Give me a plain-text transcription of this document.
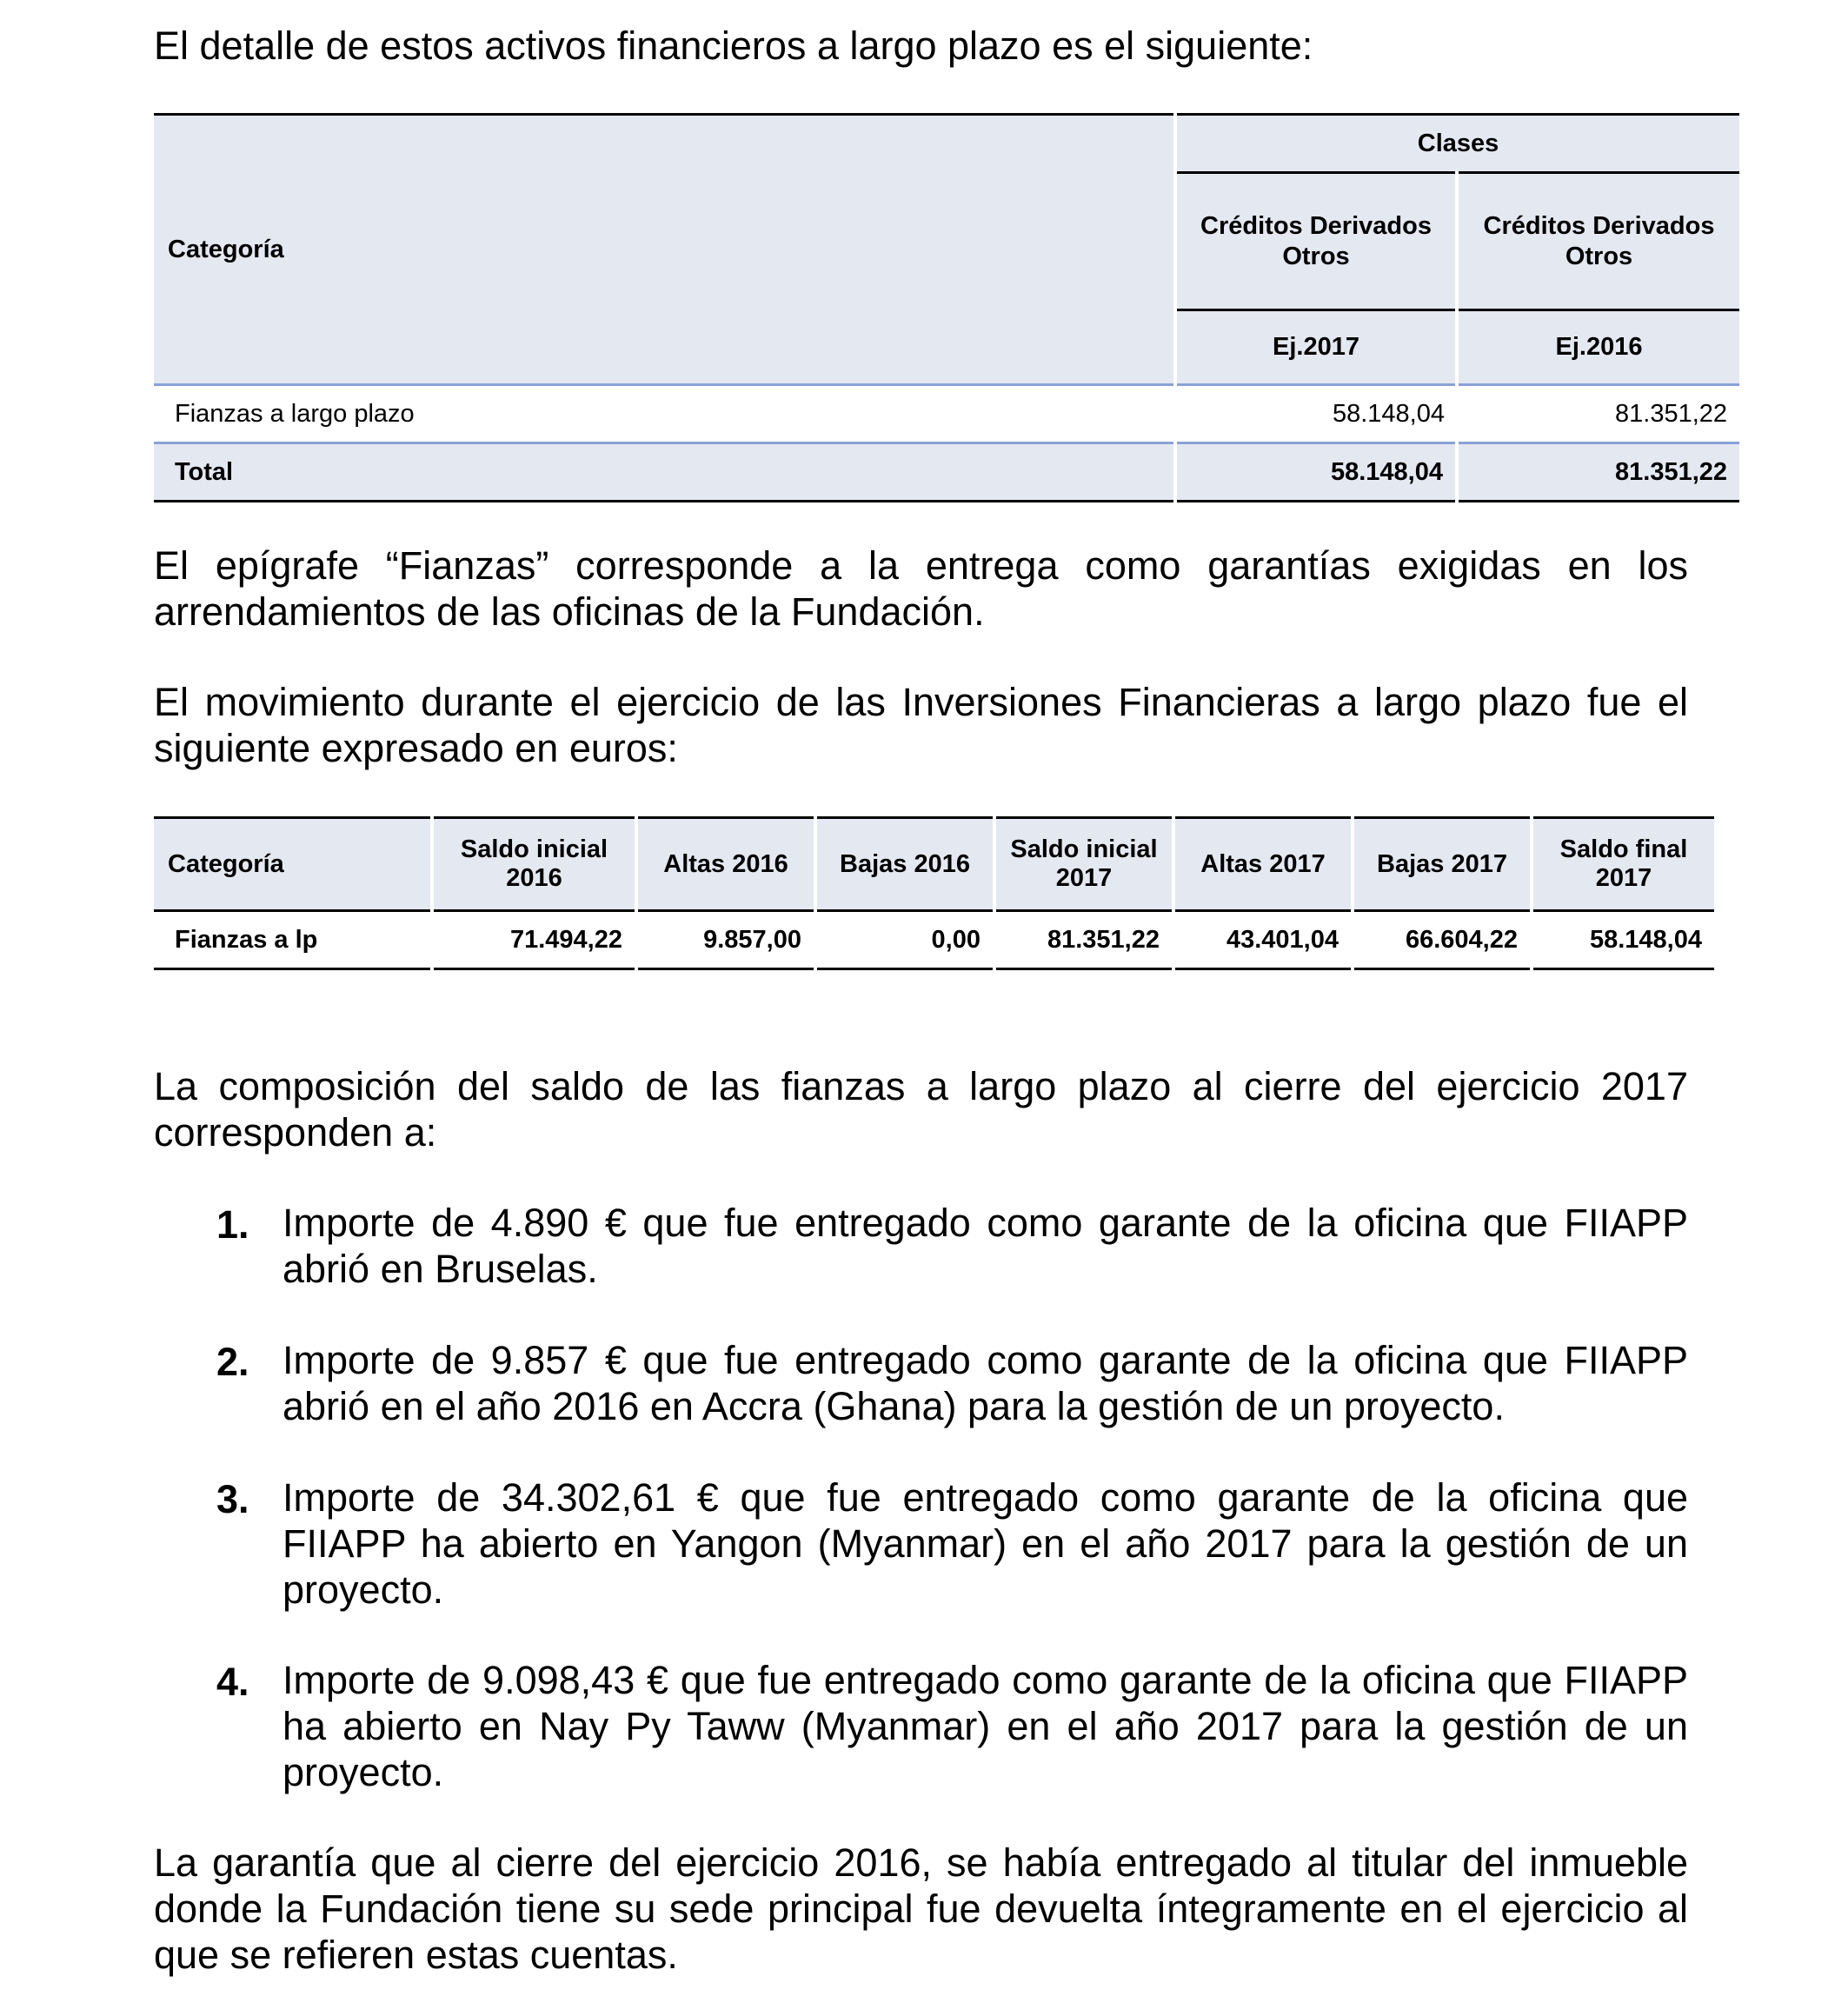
El detalle de estos activos financieros a largo plazo es el siguiente:

Categoría	Clases	
	Créditos Derivados Otros	Créditos Derivados Otros
	Ej.2017	Ej.2016
Fianzas a largo plazo	58.148,04	81.351,22
Total	58.148,04	81.351,22

El epígrafe “Fianzas” corresponde a la entrega como garantías exigidas en los arrendamientos de las oficinas de la Fundación.

El movimiento durante el ejercicio de las Inversiones Financieras a largo plazo fue el siguiente expresado en euros:

Categoría	Saldo inicial 2016	Altas 2016	Bajas 2016	Saldo inicial 2017	Altas 2017	Bajas 2017	Saldo final 2017
Fianzas a lp	71.494,22	9.857,00	0,00	81.351,22	43.401,04	66.604,22	58.148,04

La composición del saldo de las fianzas a largo plazo al cierre del ejercicio 2017 corresponden a:

1. Importe de 4.890 € que fue entregado como garante de la oficina que FIIAPP abrió en Bruselas.

2. Importe de 9.857 € que fue entregado como garante de la oficina que FIIAPP abrió en el año 2016 en Accra (Ghana) para la gestión de un proyecto.

3. Importe de 34.302,61 € que fue entregado como garante de la oficina que FIIAPP ha abierto en Yangon (Myanmar) en el año 2017 para la gestión de un proyecto.

4. Importe de 9.098,43 € que fue entregado como garante de la oficina que FIIAPP ha abierto en Nay Py Taww (Myanmar) en el año 2017 para la gestión de un proyecto.

La garantía que al cierre del ejercicio 2016, se había entregado al titular del inmueble donde la Fundación tiene su sede principal fue devuelta íntegramente en el ejercicio al que se refieren estas cuentas.
